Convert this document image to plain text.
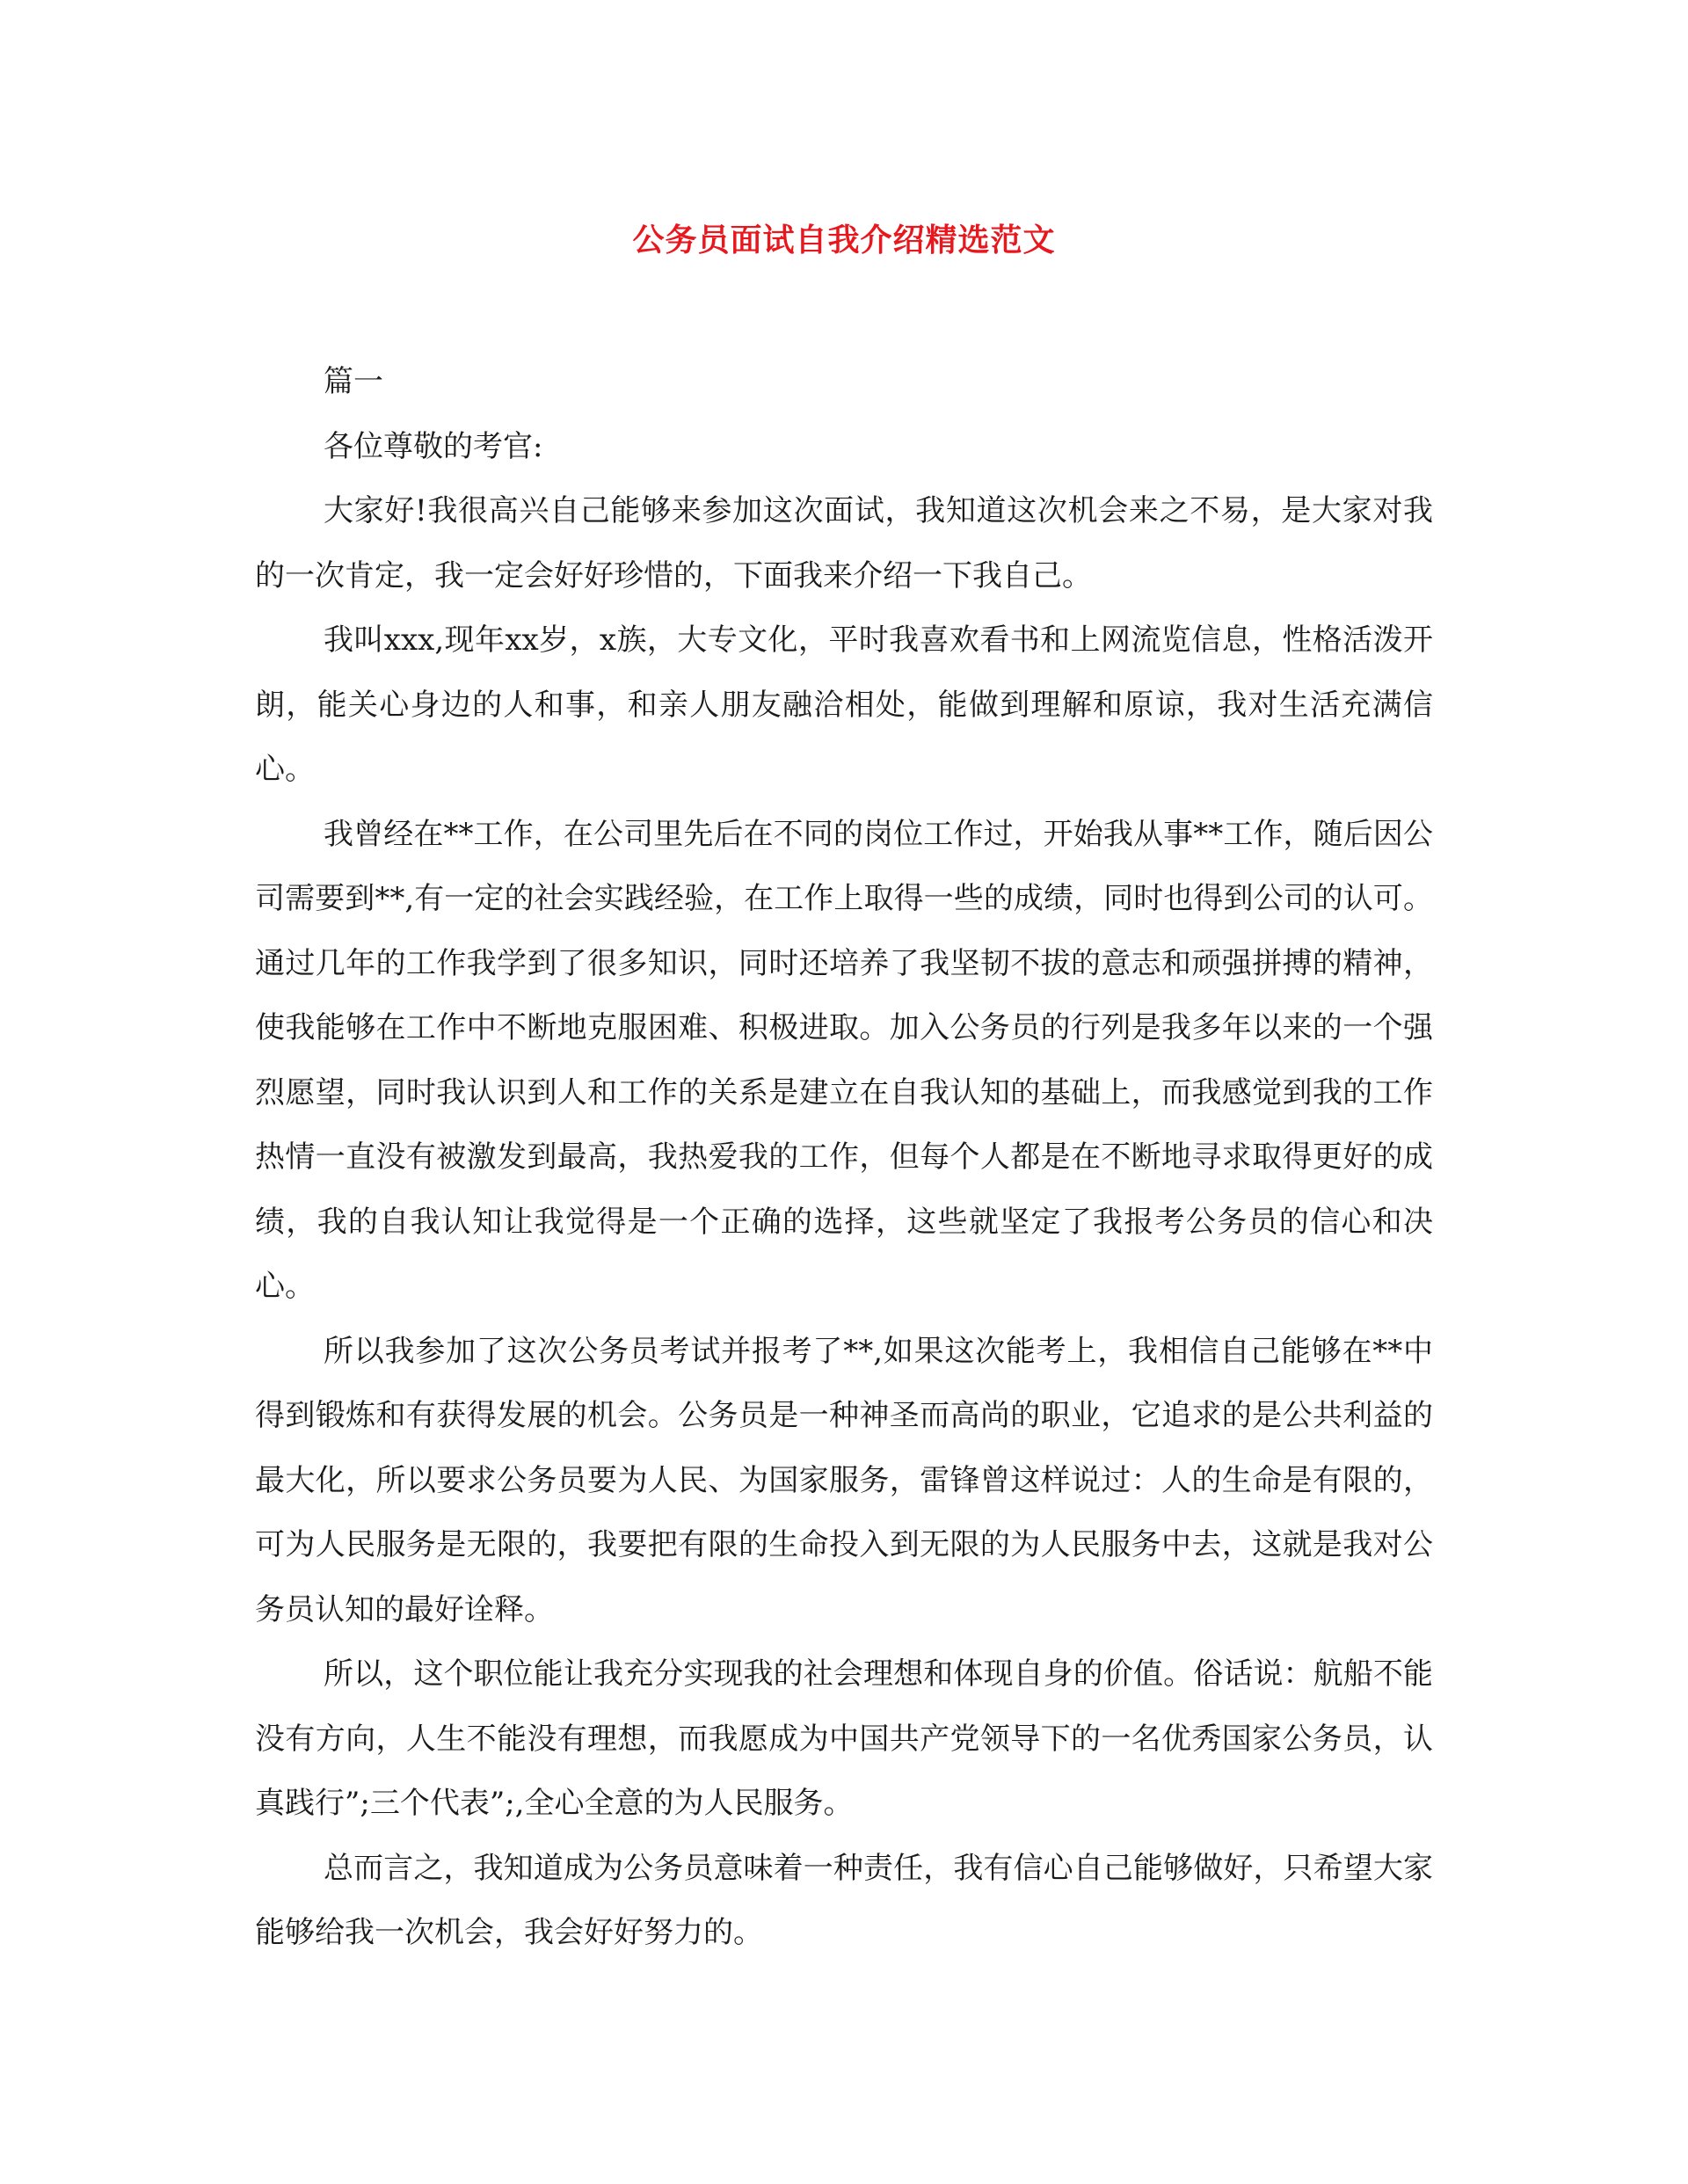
公务员面试自我介绍精选范文

篇一

各位尊敬的考官:

大家好!我很高兴自己能够来参加这次面试，我知道这次机会来之不易，是大家对我的一次肯定，我一定会好好珍惜的，下面我来介绍一下我自己。

我叫xxx,现年xx岁，x族，大专文化，平时我喜欢看书和上网流览信息，性格活泼开朗，能关心身边的人和事，和亲人朋友融洽相处，能做到理解和原谅，我对生活充满信心。

我曾经在**工作，在公司里先后在不同的岗位工作过，开始我从事**工作，随后因公司需要到**,有一定的社会实践经验，在工作上取得一些的成绩，同时也得到公司的认可。通过几年的工作我学到了很多知识，同时还培养了我坚韧不拔的意志和顽强拼搏的精神，使我能够在工作中不断地克服困难、积极进取。加入公务员的行列是我多年以来的一个强烈愿望，同时我认识到人和工作的关系是建立在自我认知的基础上，而我感觉到我的工作热情一直没有被激发到最高，我热爱我的工作，但每个人都是在不断地寻求取得更好的成绩，我的自我认知让我觉得是一个正确的选择，这些就坚定了我报考公务员的信心和决心。

所以我参加了这次公务员考试并报考了**,如果这次能考上，我相信自己能够在**中得到锻炼和有获得发展的机会。公务员是一种神圣而高尚的职业，它追求的是公共利益的最大化，所以要求公务员要为人民、为国家服务，雷锋曾这样说过：人的生命是有限的，可为人民服务是无限的，我要把有限的生命投入到无限的为人民服务中去，这就是我对公务员认知的最好诠释。

所以，这个职位能让我充分实现我的社会理想和体现自身的价值。俗话说：航船不能没有方向，人生不能没有理想，而我愿成为中国共产党领导下的一名优秀国家公务员，认真践行”;三个代表”;,全心全意的为人民服务。

总而言之，我知道成为公务员意味着一种责任，我有信心自己能够做好，只希望大家能够给我一次机会，我会好好努力的。
